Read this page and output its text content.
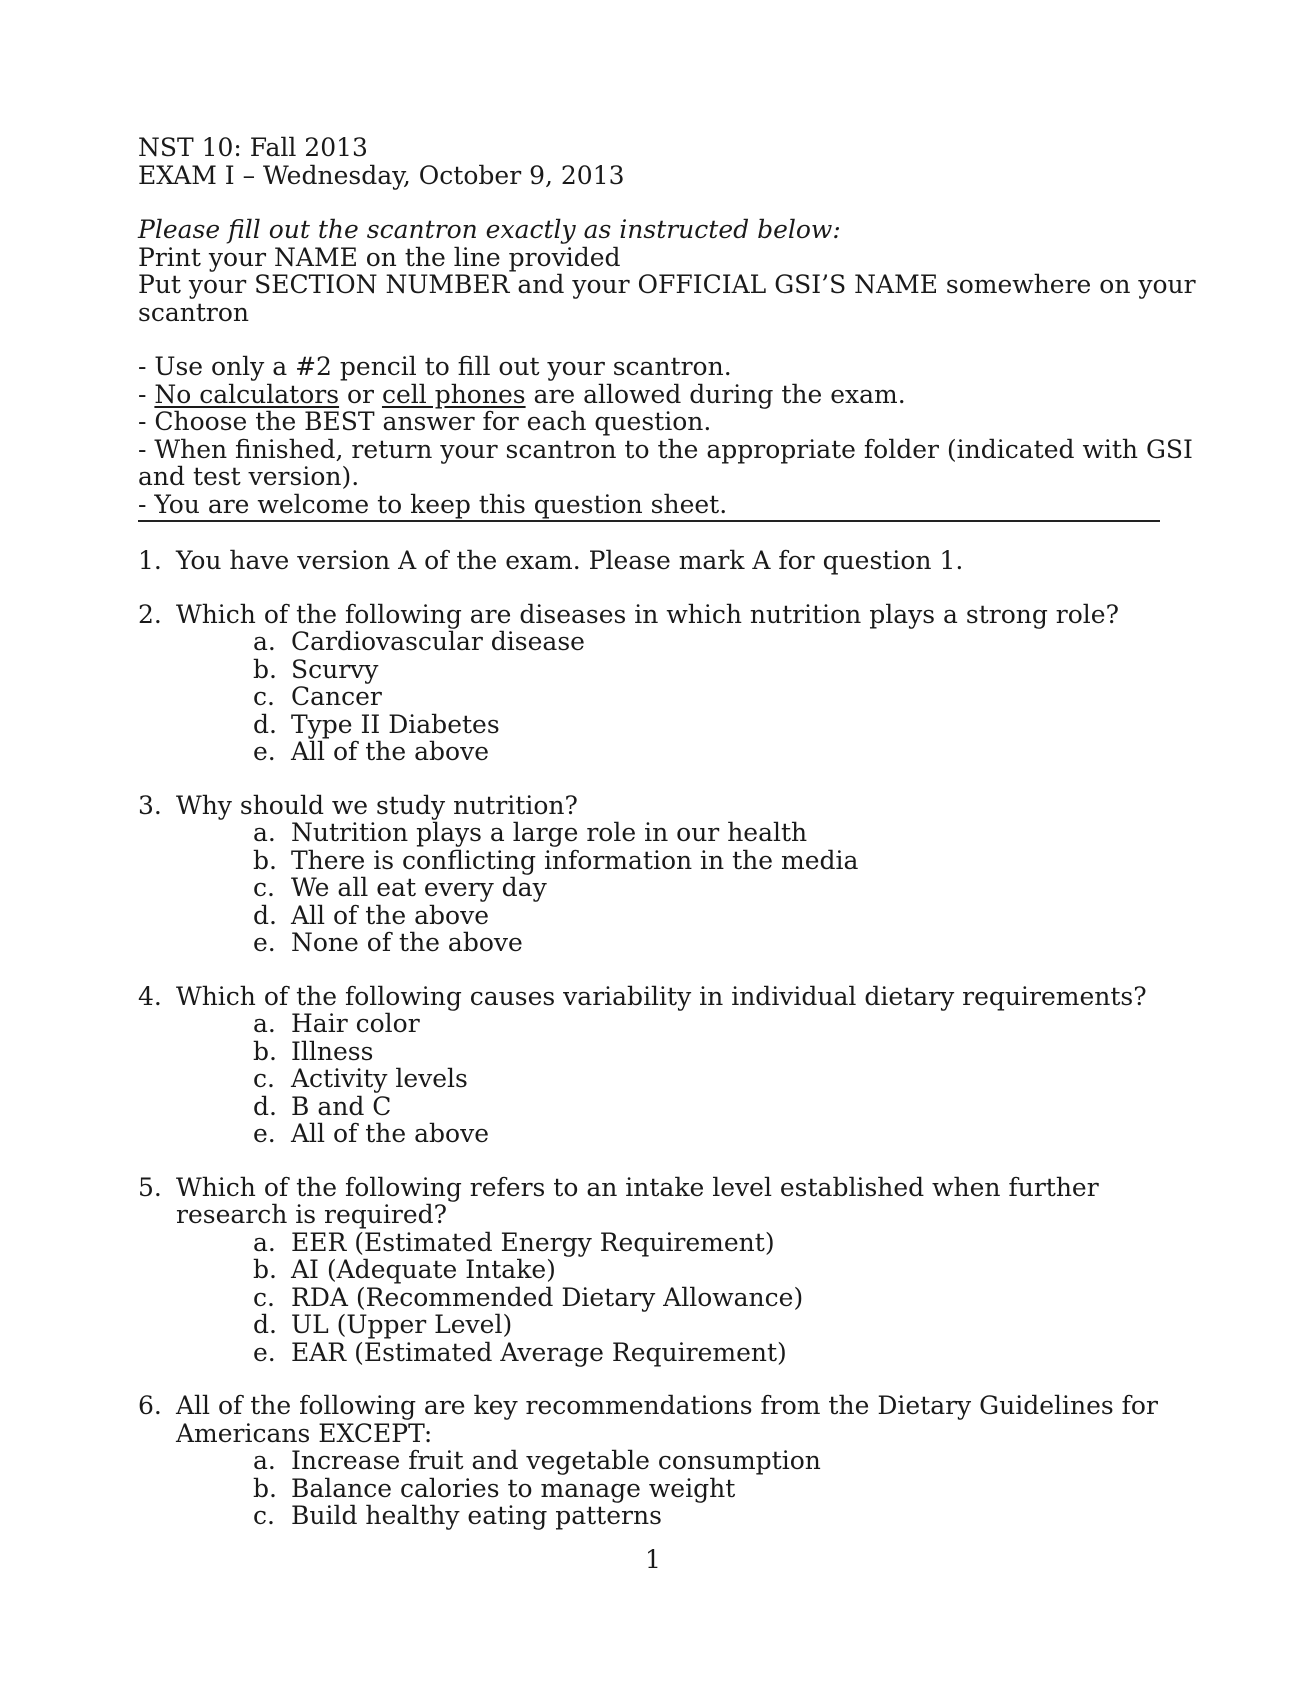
NST 10: Fall 2013
EXAM I – Wednesday, October 9, 2013
Please fill out the scantron exactly as instructed below:
Print your NAME on the line provided
Put your SECTION NUMBER and your OFFICIAL GSI’S NAME somewhere on your
scantron
- Use only a #2 pencil to fill out your scantron.
- No calculators or cell phones are allowed during the exam.
- Choose the BEST answer for each question.
- When finished, return your scantron to the appropriate folder (indicated with GSI
and test version).
- You are welcome to keep this question sheet.
1. You have version A of the exam. Please mark A for question 1.
2. Which of the following are diseases in which nutrition plays a strong role?
a. Cardiovascular disease
b. Scurvy
c. Cancer
d. Type II Diabetes
e. All of the above
3. Why should we study nutrition?
a. Nutrition plays a large role in our health
b. There is conflicting information in the media
c. We all eat every day
d. All of the above
e. None of the above
4. Which of the following causes variability in individual dietary requirements?
a. Hair color
b. Illness
c. Activity levels
d. B and C
e. All of the above
5. Which of the following refers to an intake level established when further research is required?
a. EER (Estimated Energy Requirement)
b. AI (Adequate Intake)
c. RDA (Recommended Dietary Allowance)
d. UL (Upper Level)
e. EAR (Estimated Average Requirement)
6. All of the following are key recommendations from the Dietary Guidelines for Americans EXCEPT:
a. Increase fruit and vegetable consumption
b. Balance calories to manage weight
c. Build healthy eating patterns
1
